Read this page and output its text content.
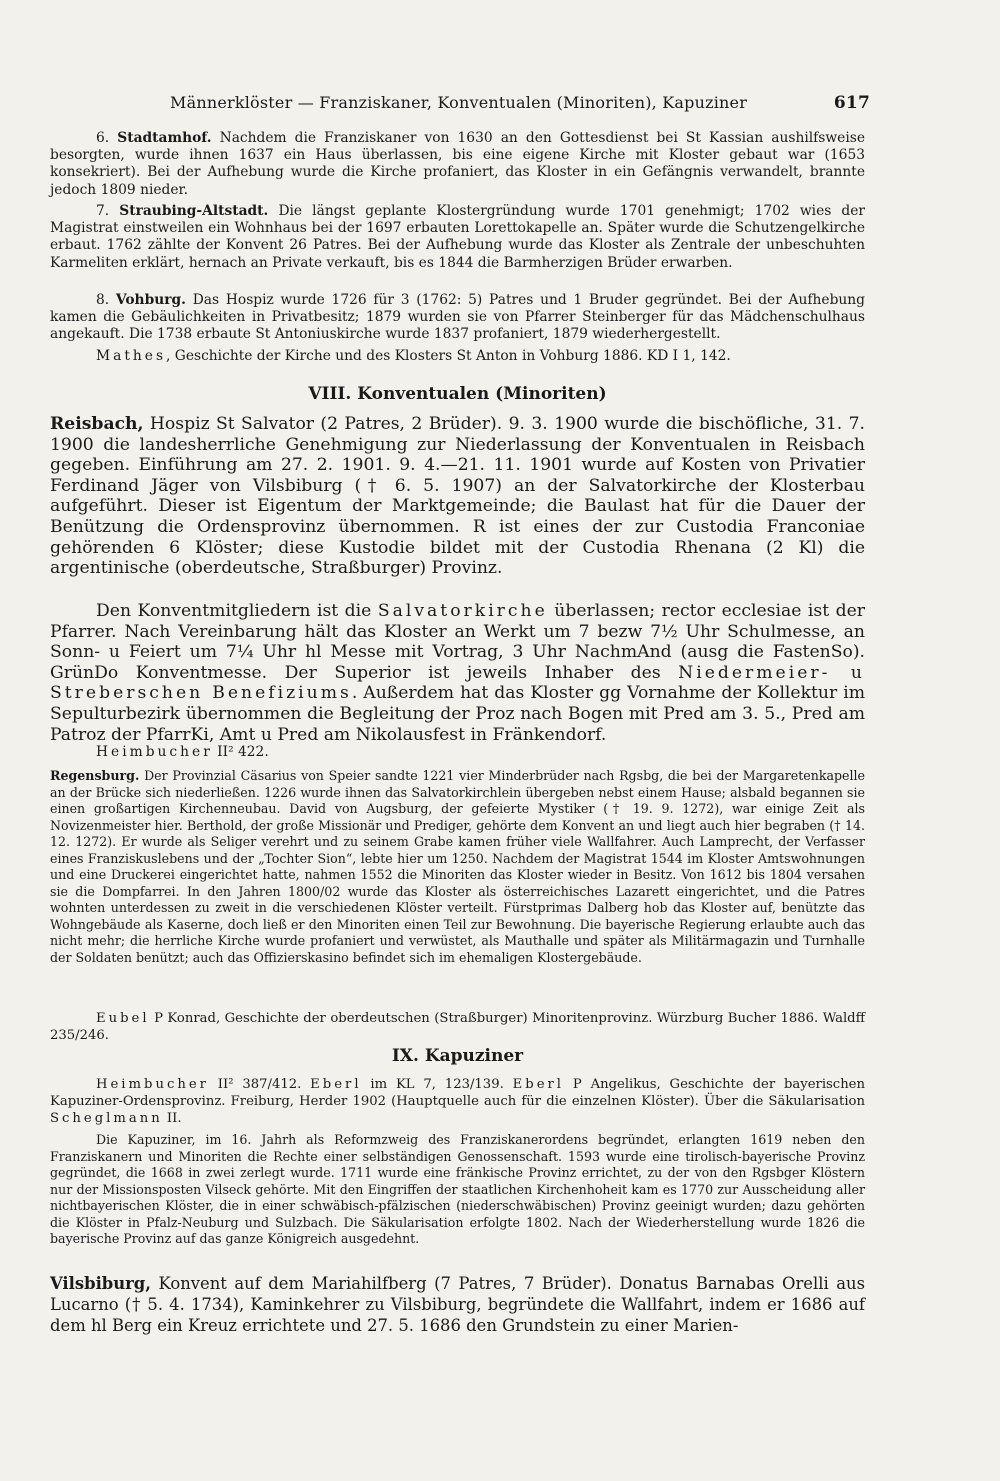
Männerklöster — Franziskaner, Konventualen (Minoriten), Kapuziner	617

6. Stadtamhof. Nachdem die Franziskaner von 1630 an den Gottesdienst bei St Kassian aushilfsweise besorgten, wurde ihnen 1637 ein Haus überlassen, bis eine eigene Kirche mit Kloster gebaut war (1653 konsekriert). Bei der Aufhebung wurde die Kirche profaniert, das Kloster in ein Gefängnis verwandelt, brannte jedoch 1809 nieder.

7. Straubing-Altstadt. Die längst geplante Klostergründung wurde 1701 genehmigt; 1702 wies der Magistrat einstweilen ein Wohnhaus bei der 1697 erbauten Lorettokapelle an. Später wurde die Schutzengelkirche erbaut. 1762 zählte der Konvent 26 Patres. Bei der Aufhebung wurde das Kloster als Zentrale der unbeschuhten Karmeliten erklärt, hernach an Private verkauft, bis es 1844 die Barmherzigen Brüder erwarben.

8. Vohburg. Das Hospiz wurde 1726 für 3 (1762: 5) Patres und 1 Bruder gegründet. Bei der Aufhebung kamen die Gebäulichkeiten in Privatbesitz; 1879 wurden sie von Pfarrer Steinberger für das Mädchenschulhaus angekauft. Die 1738 erbaute St Antoniuskirche wurde 1837 profaniert, 1879 wiederhergestellt.

Mathes, Geschichte der Kirche und des Klosters St Anton in Vohburg 1886. KD I 1, 142.

VIII. Konventualen (Minoriten)

Reisbach, Hospiz St Salvator (2 Patres, 2 Brüder). 9. 3. 1900 wurde die bischöfliche, 31. 7. 1900 die landesherrliche Genehmigung zur Niederlassung der Konventualen in Reisbach gegeben. Einführung am 27. 2. 1901. 9. 4.—21. 11. 1901 wurde auf Kosten von Privatier Ferdinand Jäger von Vilsbiburg († 6. 5. 1907) an der Salvatorkirche der Klosterbau aufgeführt. Dieser ist Eigentum der Marktgemeinde; die Baulast hat für die Dauer der Benützung die Ordensprovinz übernommen. R ist eines der zur Custodia Franconiae gehörenden 6 Klöster; diese Kustodie bildet mit der Custodia Rhenana (2 Kl) die argentinische (oberdeutsche, Straßburger) Provinz.

Den Konventmitgliedern ist die Salvatorkirche überlassen; rector ecclesiae ist der Pfarrer. Nach Vereinbarung hält das Kloster an Werkt um 7 bezw 7½ Uhr Schulmesse, an Sonn- u Feiert um 7¼ Uhr hl Messe mit Vortrag, 3 Uhr NachmAnd (ausg die FastenSo). GrünDo Konventmesse. Der Superior ist jeweils Inhaber des Niedermeier- u Streberschen Benefiziums. Außerdem hat das Kloster gg Vornahme der Kollektur im Sepulturbezirk übernommen die Begleitung der Proz nach Bogen mit Pred am 3. 5., Pred am Patroz der PfarrKi, Amt u Pred am Nikolausfest in Fränkendorf.

Heimbucher II² 422.

Regensburg. Der Provinzial Cäsarius von Speier sandte 1221 vier Minderbrüder nach Rgsbg, die bei der Margaretenkapelle an der Brücke sich niederließen. 1226 wurde ihnen das Salvatorkirchlein übergeben nebst einem Hause; alsbald begannen sie einen großartigen Kirchenneubau. David von Augsburg, der gefeierte Mystiker († 19. 9. 1272), war einige Zeit als Novizenmeister hier. Berthold, der große Missionär und Prediger, gehörte dem Konvent an und liegt auch hier begraben († 14. 12. 1272). Er wurde als Seliger verehrt und zu seinem Grabe kamen früher viele Wallfahrer. Auch Lamprecht, der Verfasser eines Franziskuslebens und der „Tochter Sion“, lebte hier um 1250. Nachdem der Magistrat 1544 im Kloster Amtswohnungen und eine Druckerei eingerichtet hatte, nahmen 1552 die Minoriten das Kloster wieder in Besitz. Von 1612 bis 1804 versahen sie die Dompfarrei. In den Jahren 1800/02 wurde das Kloster als österreichisches Lazarett eingerichtet, und die Patres wohnten unterdessen zu zweit in die verschiedenen Klöster verteilt. Fürstprimas Dalberg hob das Kloster auf, benützte das Wohngebäude als Kaserne, doch ließ er den Minoriten einen Teil zur Bewohnung. Die bayerische Regierung erlaubte auch das nicht mehr; die herrliche Kirche wurde profaniert und verwüstet, als Mauthalle und später als Militärmagazin und Turnhalle der Soldaten benützt; auch das Offizierskasino befindet sich im ehemaligen Klostergebäude.

Eubel P Konrad, Geschichte der oberdeutschen (Straßburger) Minoritenprovinz. Würzburg Bucher 1886. Waldff 235/246.

IX. Kapuziner

Heimbucher II² 387/412. Eberl im KL 7, 123/139. Eberl P Angelikus, Geschichte der bayerischen Kapuziner-Ordensprovinz. Freiburg, Herder 1902 (Hauptquelle auch für die einzelnen Klöster). Über die Säkularisation Scheglmann II.

Die Kapuziner, im 16. Jahrh als Reformzweig des Franziskanerordens begründet, erlangten 1619 neben den Franziskanern und Minoriten die Rechte einer selbständigen Genossenschaft. 1593 wurde eine tirolisch-bayerische Provinz gegründet, die 1668 in zwei zerlegt wurde. 1711 wurde eine fränkische Provinz errichtet, zu der von den Rgsbger Klöstern nur der Missionsposten Vilseck gehörte. Mit den Eingriffen der staatlichen Kirchenhoheit kam es 1770 zur Ausscheidung aller nichtbayerischen Klöster, die in einer schwäbisch-pfälzischen (niederschwäbischen) Provinz geeinigt wurden; dazu gehörten die Klöster in Pfalz-Neuburg und Sulzbach. Die Säkularisation erfolgte 1802. Nach der Wiederherstellung wurde 1826 die bayerische Provinz auf das ganze Königreich ausgedehnt.

Vilsbiburg, Konvent auf dem Mariahilfberg (7 Patres, 7 Brüder). Donatus Barnabas Orelli aus Lucarno († 5. 4. 1734), Kaminkehrer zu Vilsbiburg, begründete die Wallfahrt, indem er 1686 auf dem hl Berg ein Kreuz errichtete und 27. 5. 1686 den Grundstein zu einer Marien-
